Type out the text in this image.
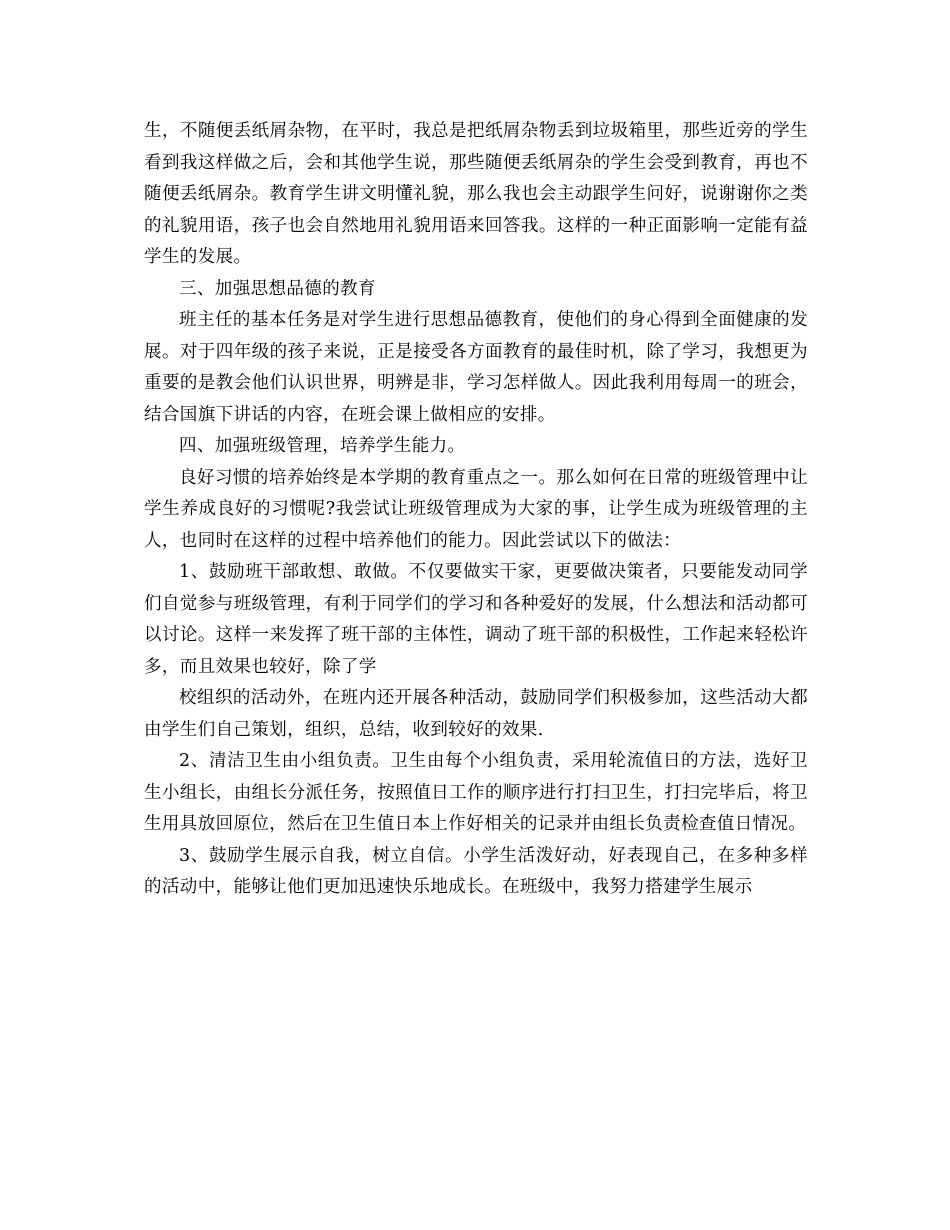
生，不随便丢纸屑杂物，在平时，我总是把纸屑杂物丢到垃圾箱里，那些近旁的学生看到我这样做之后，会和其他学生说，那些随便丢纸屑杂的学生会受到教育，再也不随便丢纸屑杂。教育学生讲文明懂礼貌，那么我也会主动跟学生问好，说谢谢你之类的礼貌用语，孩子也会自然地用礼貌用语来回答我。这样的一种正面影响一定能有益学生的发展。

三、加强思想品德的教育

班主任的基本任务是对学生进行思想品德教育，使他们的身心得到全面健康的发展。对于四年级的孩子来说，正是接受各方面教育的最佳时机，除了学习，我想更为重要的是教会他们认识世界，明辨是非，学习怎样做人。因此我利用每周一的班会，结合国旗下讲话的内容，在班会课上做相应的安排。

四、加强班级管理，培养学生能力。

良好习惯的培养始终是本学期的教育重点之一。那么如何在日常的班级管理中让学生养成良好的习惯呢?我尝试让班级管理成为大家的事，让学生成为班级管理的主人，也同时在这样的过程中培养他们的能力。因此尝试以下的做法：

1、鼓励班干部敢想、敢做。不仅要做实干家，更要做决策者，只要能发动同学们自觉参与班级管理，有利于同学们的学习和各种爱好的发展，什么想法和活动都可以讨论。这样一来发挥了班干部的主体性，调动了班干部的积极性，工作起来轻松许多，而且效果也较好，除了学

校组织的活动外，在班内还开展各种活动，鼓励同学们积极参加，这些活动大都由学生们自己策划，组织，总结，收到较好的效果.

2、清洁卫生由小组负责。卫生由每个小组负责，采用轮流值日的方法，选好卫生小组长，由组长分派任务，按照值日工作的顺序进行打扫卫生，打扫完毕后，将卫生用具放回原位，然后在卫生值日本上作好相关的记录并由组长负责检查值日情况。

3、鼓励学生展示自我，树立自信。小学生活泼好动，好表现自己，在多种多样的活动中，能够让他们更加迅速快乐地成长。在班级中，我努力搭建学生展示
